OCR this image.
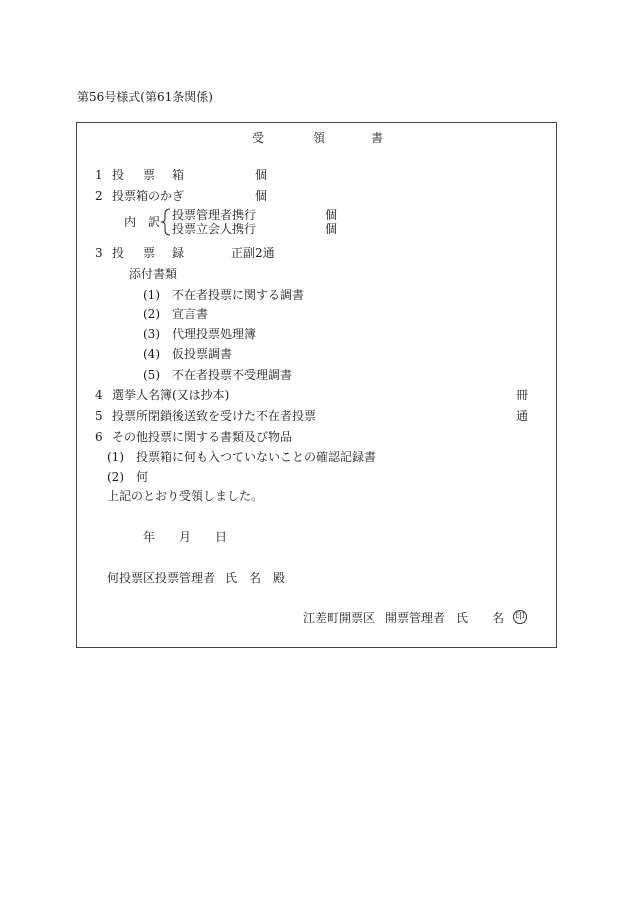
第56号様式(第61条関係)
受	領	書
1 投 票 箱	個
2 投票箱のかぎ	個
内 訳 投票管理者携行	個
投票立会人携行	個
3 投 票 録	正副2通
添付書類
(1) 不在者投票に関する調書
(2) 宣言書
(3) 代理投票処理簿
(4) 仮投票調書
(5) 不在者投票不受理調書
4 選挙人名簿(又は抄本)	冊
5 投票所閉鎖後送致を受けた不在者投票	通
6 その他投票に関する書類及び物品
(1) 投票箱に何も入つていないことの確認記録書
(2) 何
上記のとおり受領しました。
年 月 日
何投票区投票管理者 氏 名 殿
江差町開票区 開票管理者 氏 名 印
